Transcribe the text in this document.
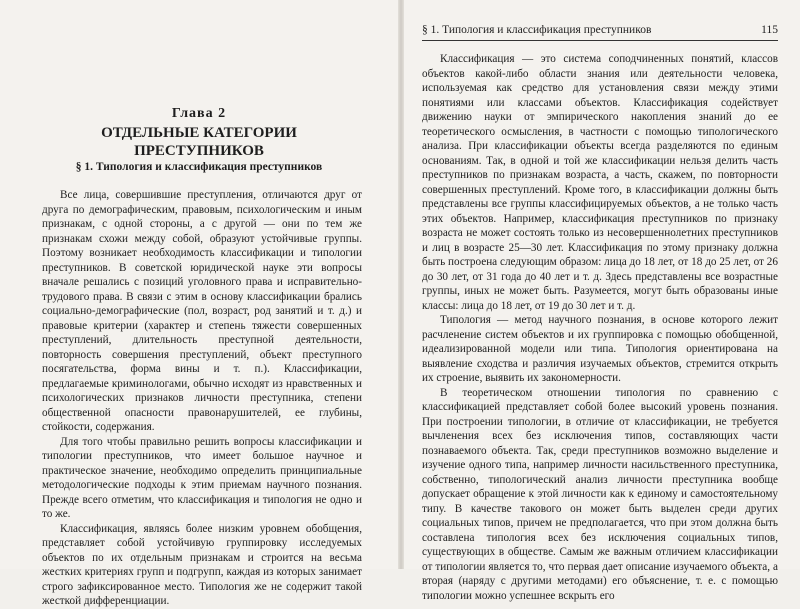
Глава 2
ОТДЕЛЬНЫЕ КАТЕГОРИИ
ПРЕСТУПНИКОВ
§ 1. Типология и классификация преступников

Все лица, совершившие преступления, отличаются друг от друга по демографическим, правовым, психологическим и иным признакам, с одной стороны, а с другой — они по тем же признакам схожи между собой, образуют устойчивые группы. Поэтому возникает необходимость классификации и типологии преступников. В советской юридической науке эти вопросы вначале решались с позиций уголовного права и исправительно-трудового права. В связи с этим в основу классификации брались социально-демографические (пол, возраст, род занятий и т. д.) и правовые критерии (характер и степень тяжести совершенных преступлений, длительность преступной деятельности, повторность совершения преступлений, объект преступного посягательства, форма вины и т. п.). Классификации, предлагаемые криминологами, обычно исходят из нравственных и психологических признаков личности преступника, степени общественной опасности правонарушителей, ее глубины, стойкости, содержания.

Для того чтобы правильно решить вопросы классификации и типологии преступников, что имеет большое научное и практическое значение, необходимо определить принципиальные методологические подходы к этим приемам научного познания. Прежде всего отметим, что классификация и типология не одно и то же.

Классификация, являясь более низким уровнем обобщения, представляет собой устойчивую группировку исследуемых объектов по их отдельным признакам и строится на весьма жестких критериях групп и подгрупп, каждая из которых занимает строго зафиксированное место. Типология же не содержит такой жесткой дифференциации.

§ 1. Типология и классификация преступников	115

Классификация — это система соподчиненных понятий, классов объектов какой-либо области знания или деятельности человека, используемая как средство для установления связи между этими понятиями или классами объектов. Классификация содействует движению науки от эмпирического накопления знаний до ее теоретического осмысления, в частности с помощью типологического анализа. При классификации объекты всегда разделяются по единым основаниям. Так, в одной и той же классификации нельзя делить часть преступников по признакам возраста, а часть, скажем, по повторности совершенных преступлений. Кроме того, в классификации должны быть представлены все группы классифицируемых объектов, а не только часть этих объектов. Например, классификация преступников по признаку возраста не может состоять только из несовершеннолетних преступников и лиц в возрасте 25—30 лет. Классификация по этому признаку должна быть построена следующим образом: лица до 18 лет, от 18 до 25 лет, от 26 до 30 лет, от 31 года до 40 лет и т. д. Здесь представлены все возрастные группы, иных не может быть. Разумеется, могут быть образованы иные классы: лица до 18 лет, от 19 до 30 лет и т. д.

Типология — метод научного познания, в основе которого лежит расчленение систем объектов и их группировка с помощью обобщенной, идеализированной модели или типа. Типология ориентирована на выявление сходства и различия изучаемых объектов, стремится открыть их строение, выявить их закономерности.

В теоретическом отношении типология по сравнению с классификацией представляет собой более высокий уровень познания. При построении типологии, в отличие от классификации, не требуется вычленения всех без исключения типов, составляющих части познаваемого объекта. Так, среди преступников возможно выделение и изучение одного типа, например личности насильственного преступника, собственно, типологический анализ личности преступника вообще допускает обращение к этой личности как к единому и самостоятельному типу. В качестве такового он может быть выделен среди других социальных типов, причем не предполагается, что при этом должна быть составлена типология всех без исключения социальных типов, существующих в обществе. Самым же важным отличием классификации от типологии является то, что первая дает описание изучаемого объекта, а вторая (наряду с другими методами) его объяснение, т. е. с помощью типологии можно успешнее вскрыть его
